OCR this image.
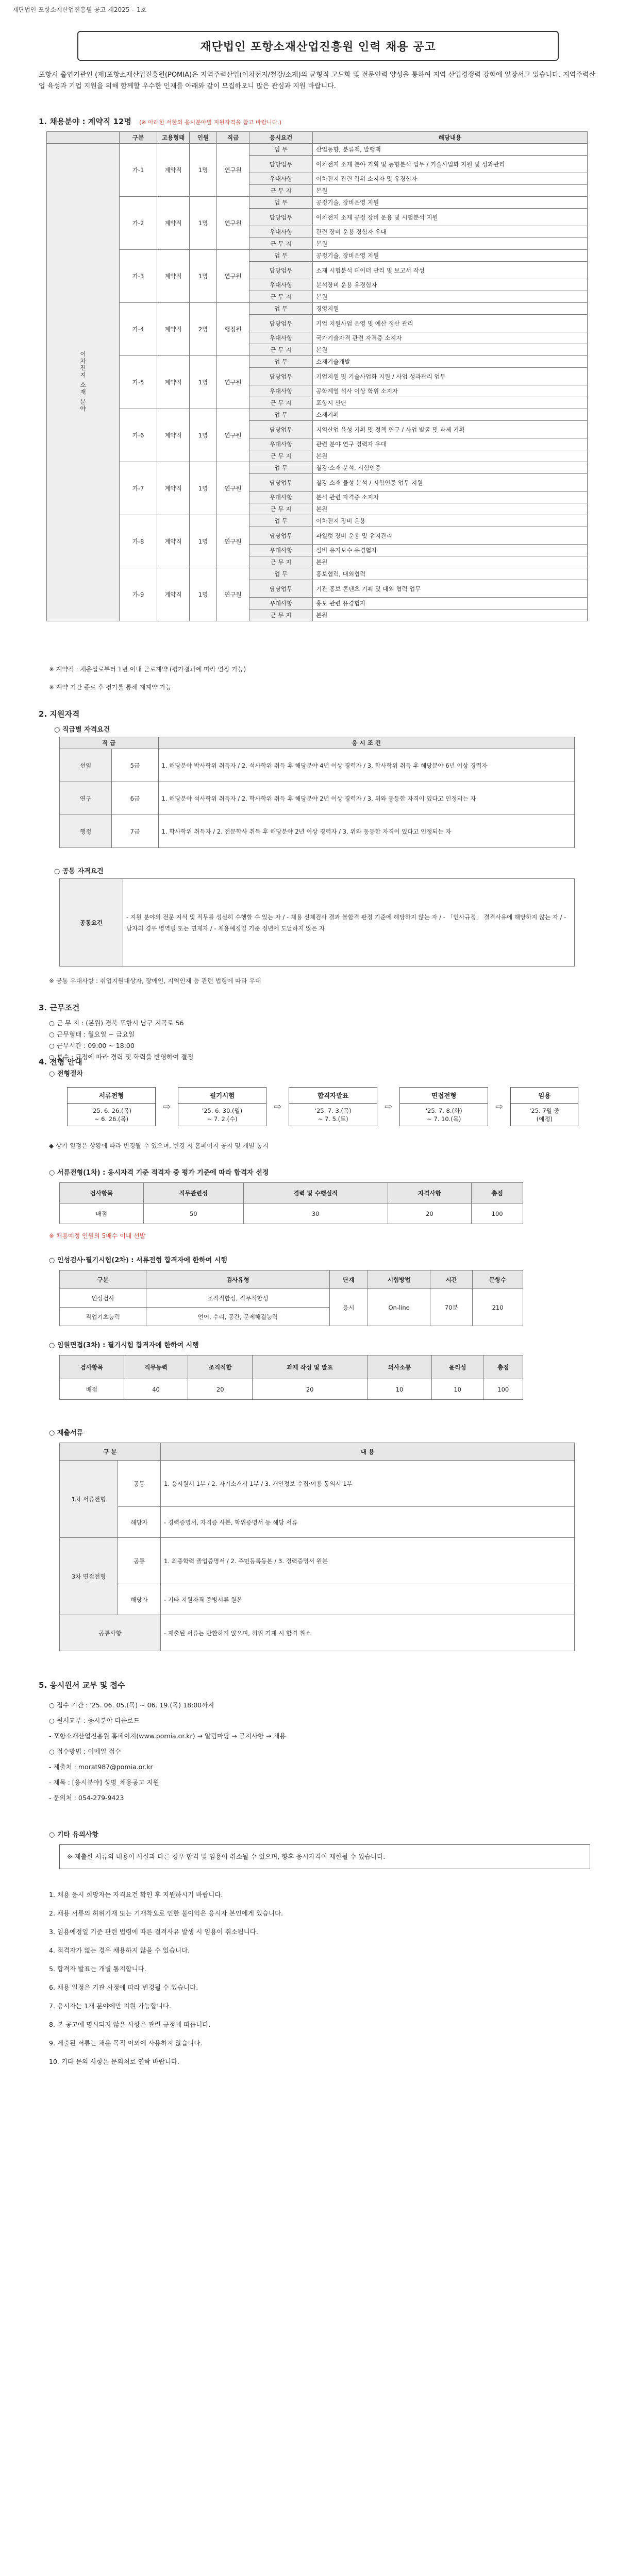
재단법인 포항소재산업진흥원 공고 제2025 – 1호
재단법인 포항소재산업진흥원 인력 채용 공고
포항시 출연기관인 (재)포항소재산업진흥원(POMIA)은 지역주력산업(이차전지/철강/소재)의 균형적 고도화 및 전문인력 양성을 통하여 지역 산업경쟁력 강화에 앞장서고 있습니다. 지역주력산업 육성과 기업 지원을 위해 함께할 우수한 인재를 아래와 같이 모집하오니 많은 관심과 지원 바랍니다.
1. 채용분야 : 계약직 12명 (※ 아래한 서한의 응시분야별 지원자격을 참고 바랍니다.)
	구분	고용형태	인원	직급	응시요건	해당내용
이차전지 소재 분야	가-1	계약직	1명	연구원	업 무	산업동향, 분류책, 발행책
					담당업무	이차전지 소재 분야 기획 및 동향분석 업무 / 기술사업화 지원 및 성과관리
					우대사항	이차전지 관련 학위 소지자 및 유경험자
					근 무 지	본원
	가-2	계약직	1명	연구원	업 무	공정기술, 장비운영 지원
					담당업무	이차전지 소재 공정 장비 운용 및 시험분석 지원
					우대사항	관련 장비 운용 경험자 우대
					근 무 지	본원
	가-3	계약직	1명	연구원	업 무	공정기술, 장비운영 지원
					담당업무	소재 시험분석 데이터 관리 및 보고서 작성
					우대사항	분석장비 운용 유경험자
					근 무 지	본원
	가-4	계약직	2명	행정원	업 무	경영지원
					담당업무	기업 지원사업 운영 및 예산 정산 관리
					우대사항	국가기술자격 관련 자격증 소지자
					근 무 지	본원
	가-5	계약직	1명	연구원	업 무	소재기술개발
					담당업무	기업지원 및 기술사업화 지원 / 사업 성과관리 업무
					우대사항	공학계열 석사 이상 학위 소지자
					근 무 지	포항시 산단
	가-6	계약직	1명	연구원	업 무	소재기획
					담당업무	지역산업 육성 기획 및 정책 연구 / 사업 발굴 및 과제 기획
					우대사항	관련 분야 연구 경력자 우대
					근 무 지	본원
	가-7	계약직	1명	연구원	업 무	철강·소재 분석, 시험인증
					담당업무	철강 소재 물성 분석 / 시험인증 업무 지원
					우대사항	분석 관련 자격증 소지자
					근 무 지	본원
	가-8	계약직	1명	연구원	업 무	이차전지 장비 운용
					담당업무	파일럿 장비 운용 및 유지관리
					우대사항	설비 유지보수 유경험자
					근 무 지	본원
	가-9	계약직	1명	연구원	업 무	홍보협력, 대외협력
					담당업무	기관 홍보 콘텐츠 기획 및 대외 협력 업무
					우대사항	홍보 관련 유경험자
					근 무 지	본원
※ 계약직 : 채용일로부터 1년 이내 근로계약 (평가결과에 따라 연장 가능)
※ 계약 기간 종료 후 평가를 통해 재계약 가능
2. 지원자격
○ 직급별 자격요건
직 급		응 시 조 건
선임	5급	1. 해당분야 박사학위 취득자 / 2. 석사학위 취득 후 해당분야 4년 이상 경력자 / 3. 학사학위 취득 후 해당분야 6년 이상 경력자
연구	6급	1. 해당분야 석사학위 취득자 / 2. 학사학위 취득 후 해당분야 2년 이상 경력자 / 3. 위와 동등한 자격이 있다고 인정되는 자
행정	7급	1. 학사학위 취득자 / 2. 전문학사 취득 후 해당분야 2년 이상 경력자 / 3. 위와 동등한 자격이 있다고 인정되는 자
○ 공통 자격요건
공통요건	- 지원 분야의 전문 지식 및 직무를 성실히 수행할 수 있는 자 / - 채용 신체검사 결과 불합격 판정 기준에 해당하지 않는 자 / - 「인사규정」 결격사유에 해당하지 않는 자 / - 남자의 경우 병역필 또는 면제자 / - 채용예정일 기준 정년에 도달하지 않은 자
※ 공통 우대사항 : 취업지원대상자, 장애인, 지역인재 등 관련 법령에 따라 우대
3. 근무조건
○ 근 무 지 : (본원) 경북 포항시 남구 지곡로 56
○ 근무형태 : 월요일 ~ 금요일
○ 근무시간 : 09:00 ~ 18:00
○ 보수 : 규정에 따라 경력 및 학력을 반영하여 결정
4. 전형 안내
○ 전형절차
서류전형
'25. 6. 26.(목)
~ 6. 26.(목)
⇨
필기시험
'25. 6. 30.(월)
~ 7. 2.(수)
⇨
합격자발표
'25. 7. 3.(목)
~ 7. 5.(토)
⇨
면접전형
'25. 7. 8.(화)
~ 7. 10.(목)
⇨
임용
'25. 7월 중
(예정)
◆ 상기 일정은 상황에 따라 변경될 수 있으며, 변경 시 홈페이지 공지 및 개별 통지
○ 서류전형(1차) : 응시자격 기준 적격자 중 평가 기준에 따라 합격자 선정
검사항목	직무관련성	경력 및 수행실적	자격사항	총점
배점	50	30	20	100
※ 채용예정 인원의 5배수 이내 선발
○ 인성검사·필기시험(2차) : 서류전형 합격자에 한하여 시행
구분	검사유형	단계	시험방법	시간	문항수
인성검사	조직적합성, 직무적합성	응시	On-line	70분	210
직업기초능력	언어, 수리, 공간, 문제해결능력				
○ 임원면접(3차) : 필기시험 합격자에 한하여 시행
검사항목	직무능력	조직적합	과제 작성 및 발표	의사소통	윤리성	총점
배점	40	20	20	10	10	100
○ 제출서류
구 분		내 용
1차 서류전형	공통	1. 응시원서 1부 / 2. 자기소개서 1부 / 3. 개인정보 수집·이용 동의서 1부
	해당자	- 경력증명서, 자격증 사본, 학위증명서 등 해당 서류
3차 면접전형	공통	1. 최종학력 졸업증명서 / 2. 주민등록등본 / 3. 경력증명서 원본
	해당자	- 기타 지원자격 증빙서류 원본
공통사항		- 제출된 서류는 반환하지 않으며, 허위 기재 시 합격 취소
5. 응시원서 교부 및 접수
○ 접수 기간 : '25. 06. 05.(목) ~ 06. 19.(목) 18:00까지
○ 원서교부 : 응시분야 다운로드
- 포항소재산업진흥원 홈페이지(www.pomia.or.kr) → 알림마당 → 공지사항 → 채용
○ 접수방법 : 이메일 접수
- 제출처 : morat987@pomia.or.kr
- 제목 : [응시분야] 성명_채용공고 지원
- 문의처 : 054-279-9423
○ 기타 유의사항
※ 제출한 서류의 내용이 사실과 다른 경우 합격 및 임용이 취소될 수 있으며, 향후 응시자격이 제한될 수 있습니다.
1. 채용 응시 희망자는 자격요건 확인 후 지원하시기 바랍니다.
2. 채용 서류의 허위기재 또는 기재착오로 인한 불이익은 응시자 본인에게 있습니다.
3. 임용예정일 기준 관련 법령에 따른 결격사유 발생 시 임용이 취소됩니다.
4. 적격자가 없는 경우 채용하지 않을 수 있습니다.
5. 합격자 발표는 개별 통지합니다.
6. 채용 일정은 기관 사정에 따라 변경될 수 있습니다.
7. 응시자는 1개 분야에만 지원 가능합니다.
8. 본 공고에 명시되지 않은 사항은 관련 규정에 따릅니다.
9. 제출된 서류는 채용 목적 이외에 사용하지 않습니다.
10. 기타 문의 사항은 문의처로 연락 바랍니다.
